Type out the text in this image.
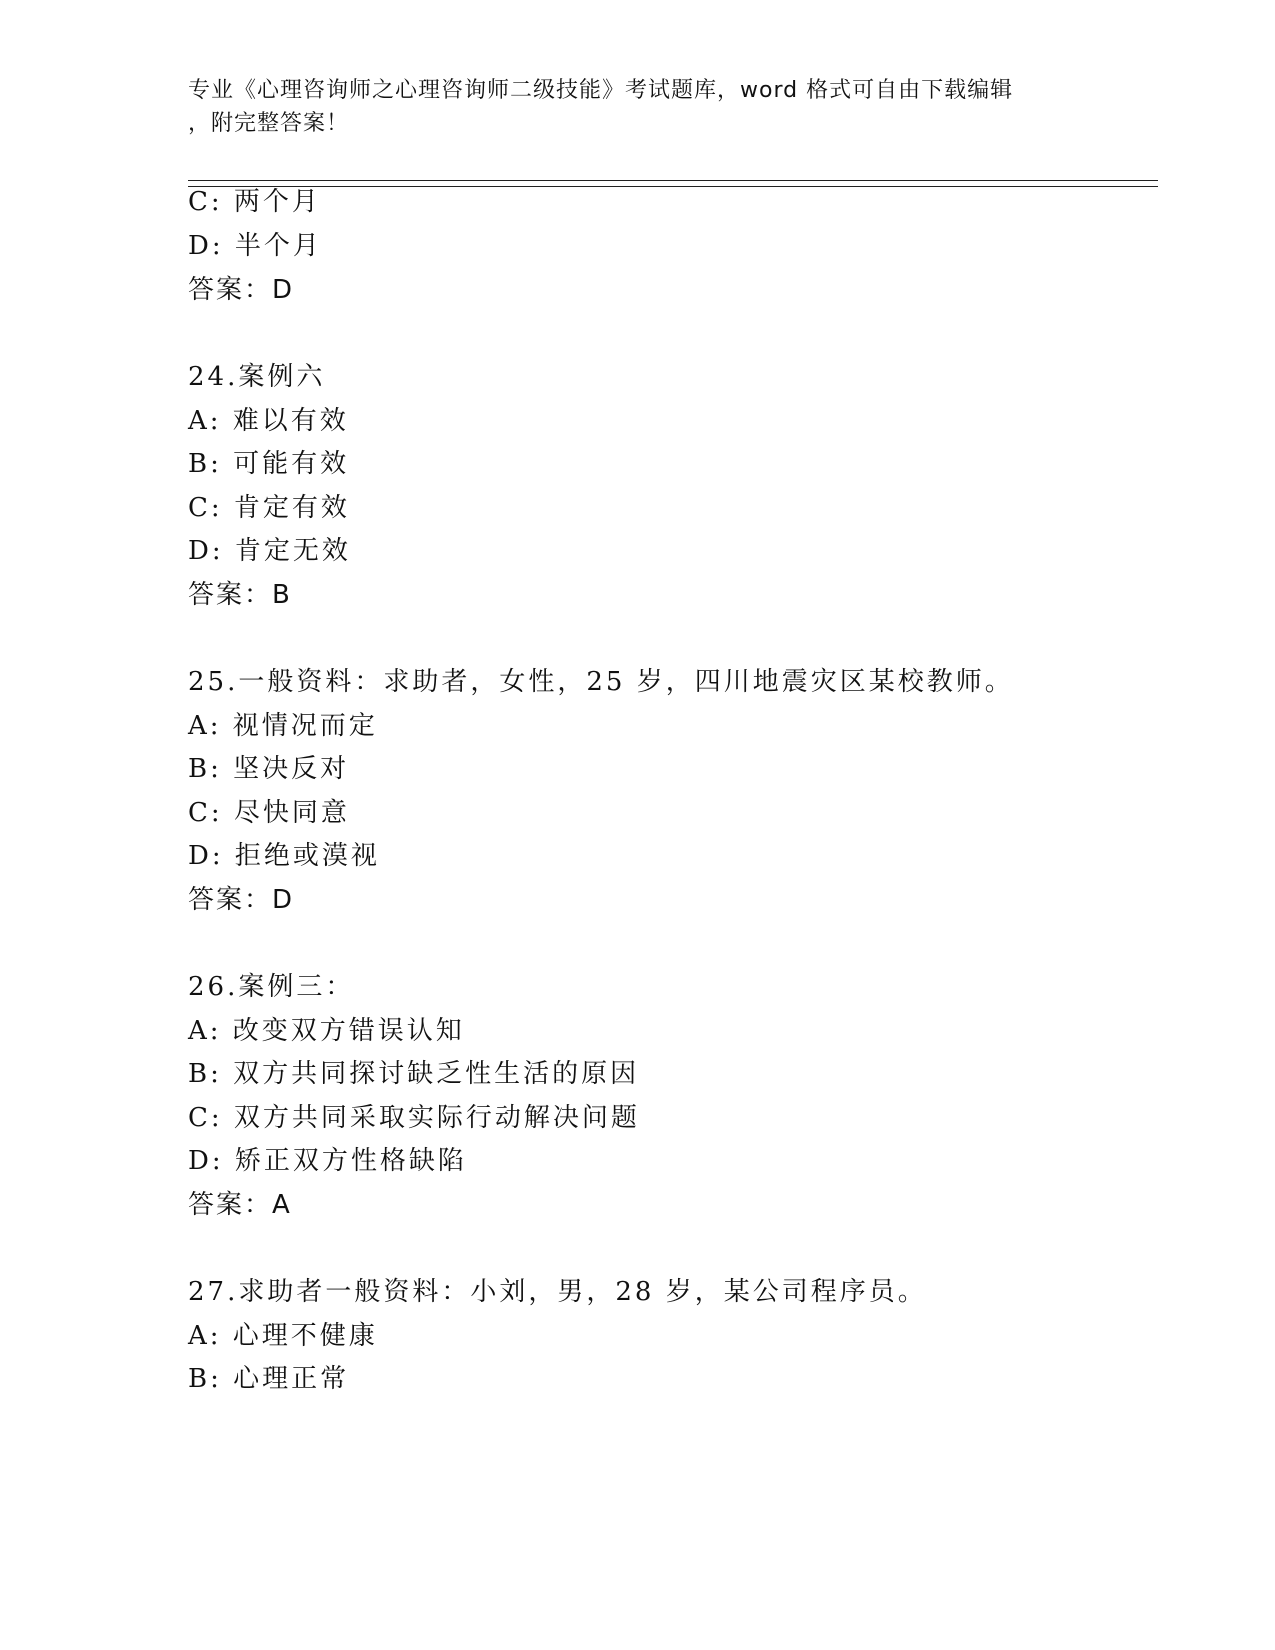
专业《心理咨询师之心理咨询师二级技能》考试题库，word 格式可自由下载编辑
，附完整答案！
C: 两个月
D: 半个月
答案：D
24.案例六
A: 难以有效
B: 可能有效
C: 肯定有效
D: 肯定无效
答案：B
25.一般资料：求助者，女性，25 岁，四川地震灾区某校教师。
A: 视情况而定
B: 坚决反对
C: 尽快同意
D: 拒绝或漠视
答案：D
26.案例三：
A: 改变双方错误认知
B: 双方共同探讨缺乏性生活的原因
C: 双方共同采取实际行动解决问题
D: 矫正双方性格缺陷
答案：A
27.求助者一般资料：小刘，男，28 岁，某公司程序员。
A: 心理不健康
B: 心理正常
